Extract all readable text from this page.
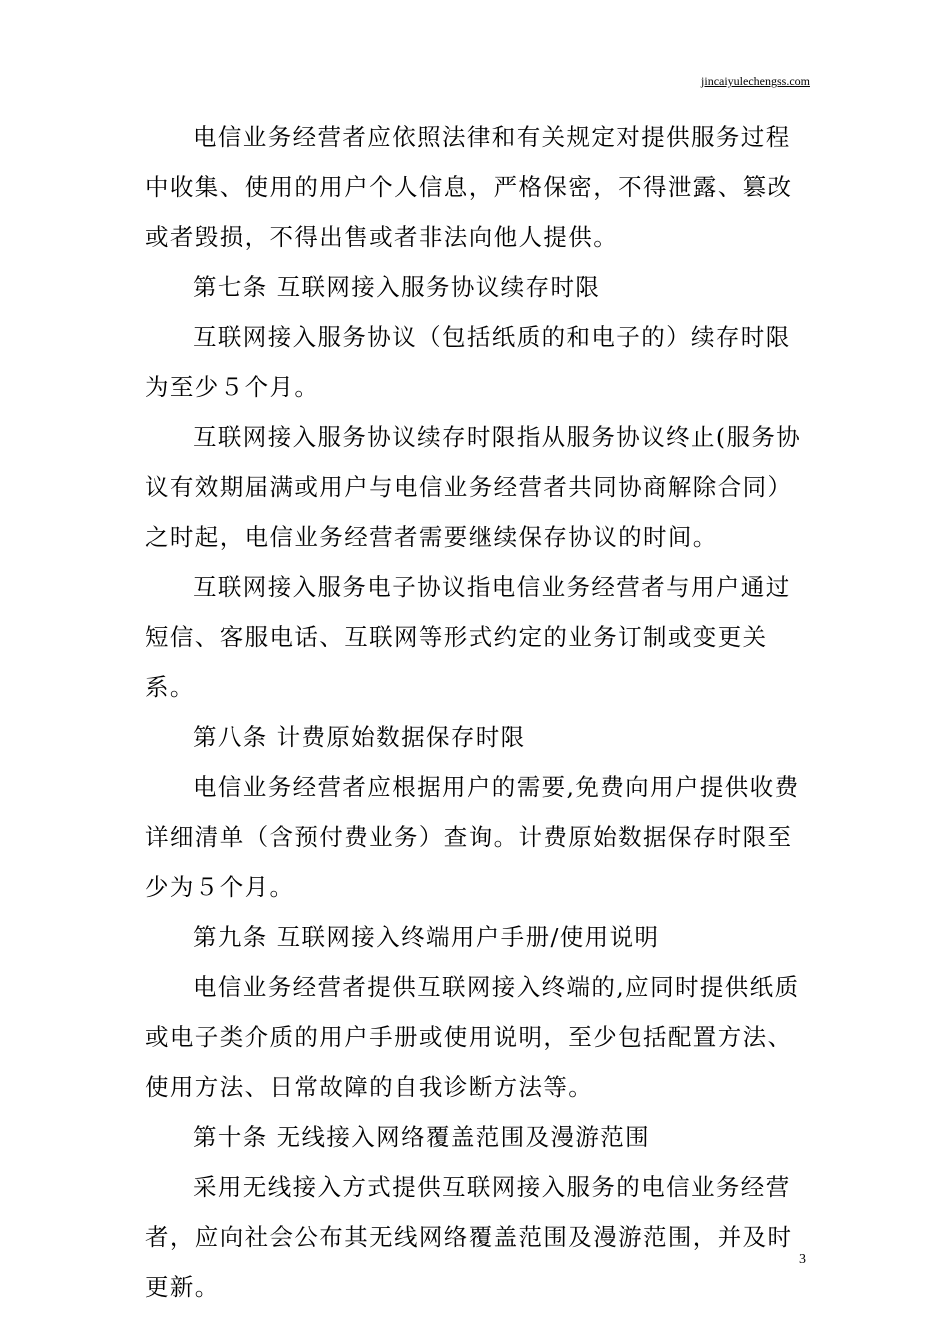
jincaiyulechengss.com

电信业务经营者应依照法律和有关规定对提供服务过程中收集、使用的用户个人信息，严格保密，不得泄露、篡改或者毁损，不得出售或者非法向他人提供。

第七条 互联网接入服务协议续存时限

互联网接入服务协议（包括纸质的和电子的）续存时限为至少５个月。

互联网接入服务协议续存时限指从服务协议终止(服务协议有效期届满或用户与电信业务经营者共同协商解除合同）之时起，电信业务经营者需要继续保存协议的时间。

互联网接入服务电子协议指电信业务经营者与用户通过短信、客服电话、互联网等形式约定的业务订制或变更关系。

第八条 计费原始数据保存时限

电信业务经营者应根据用户的需要,免费向用户提供收费详细清单（含预付费业务）查询。计费原始数据保存时限至少为５个月。

第九条 互联网接入终端用户手册/使用说明

电信业务经营者提供互联网接入终端的,应同时提供纸质或电子类介质的用户手册或使用说明，至少包括配置方法、使用方法、日常故障的自我诊断方法等。

第十条 无线接入网络覆盖范围及漫游范围

采用无线接入方式提供互联网接入服务的电信业务经营者，应向社会公布其无线网络覆盖范围及漫游范围，并及时更新。

3
